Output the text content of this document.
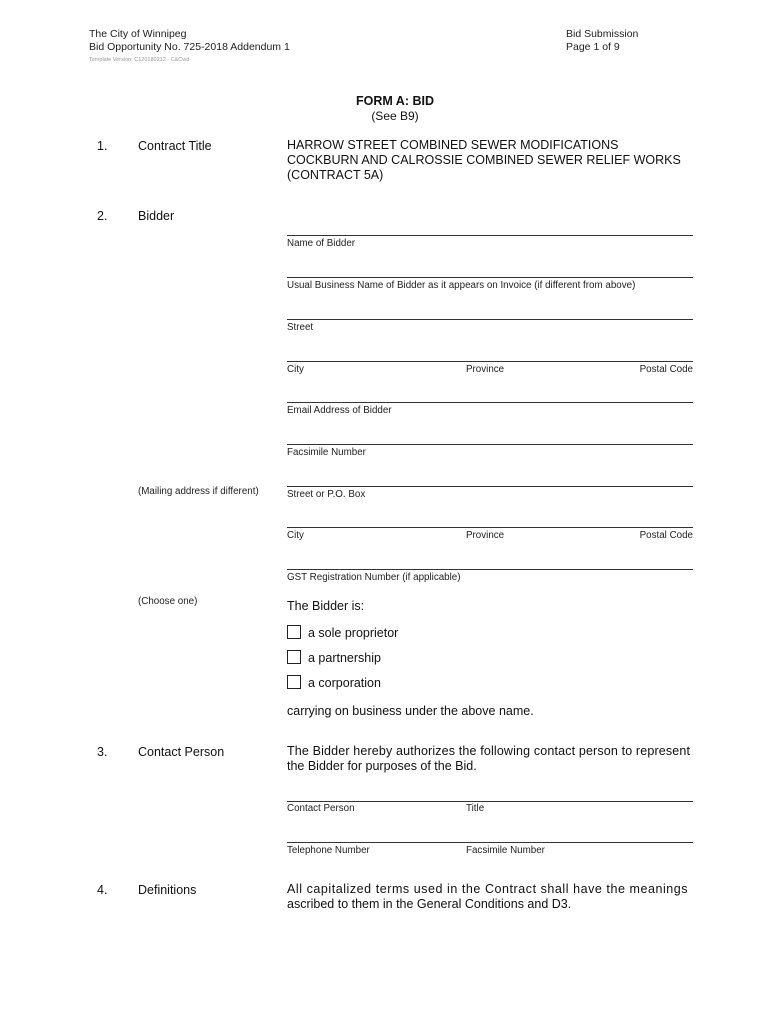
The City of Winnipeg
Bid Opportunity No. 725-2018 Addendum 1
Template Version: C120180212 - C&Cwd
Bid Submission
Page 1 of 9
FORM A: BID
(See B9)
1. Contract Title	HARROW STREET COMBINED SEWER MODIFICATIONS
COCKBURN AND CALROSSIE COMBINED SEWER RELIEF WORKS
(CONTRACT 5A)
2. Bidder
Name of Bidder
Usual Business Name of Bidder as it appears on Invoice (if different from above)
Street
City	Province	Postal Code
Email Address of Bidder
Facsimile Number
(Mailing address if different)	Street or P.O. Box
City	Province	Postal Code
GST Registration Number (if applicable)
(Choose one)	The Bidder is:
a sole proprietor
a partnership
a corporation
carrying on business under the above name.
3. Contact Person	The Bidder hereby authorizes the following contact person to represent
the Bidder for purposes of the Bid.
Contact Person	Title
Telephone Number	Facsimile Number
4. Definitions	All capitalized terms used in the Contract shall have the meanings
ascribed to them in the General Conditions and D3.
